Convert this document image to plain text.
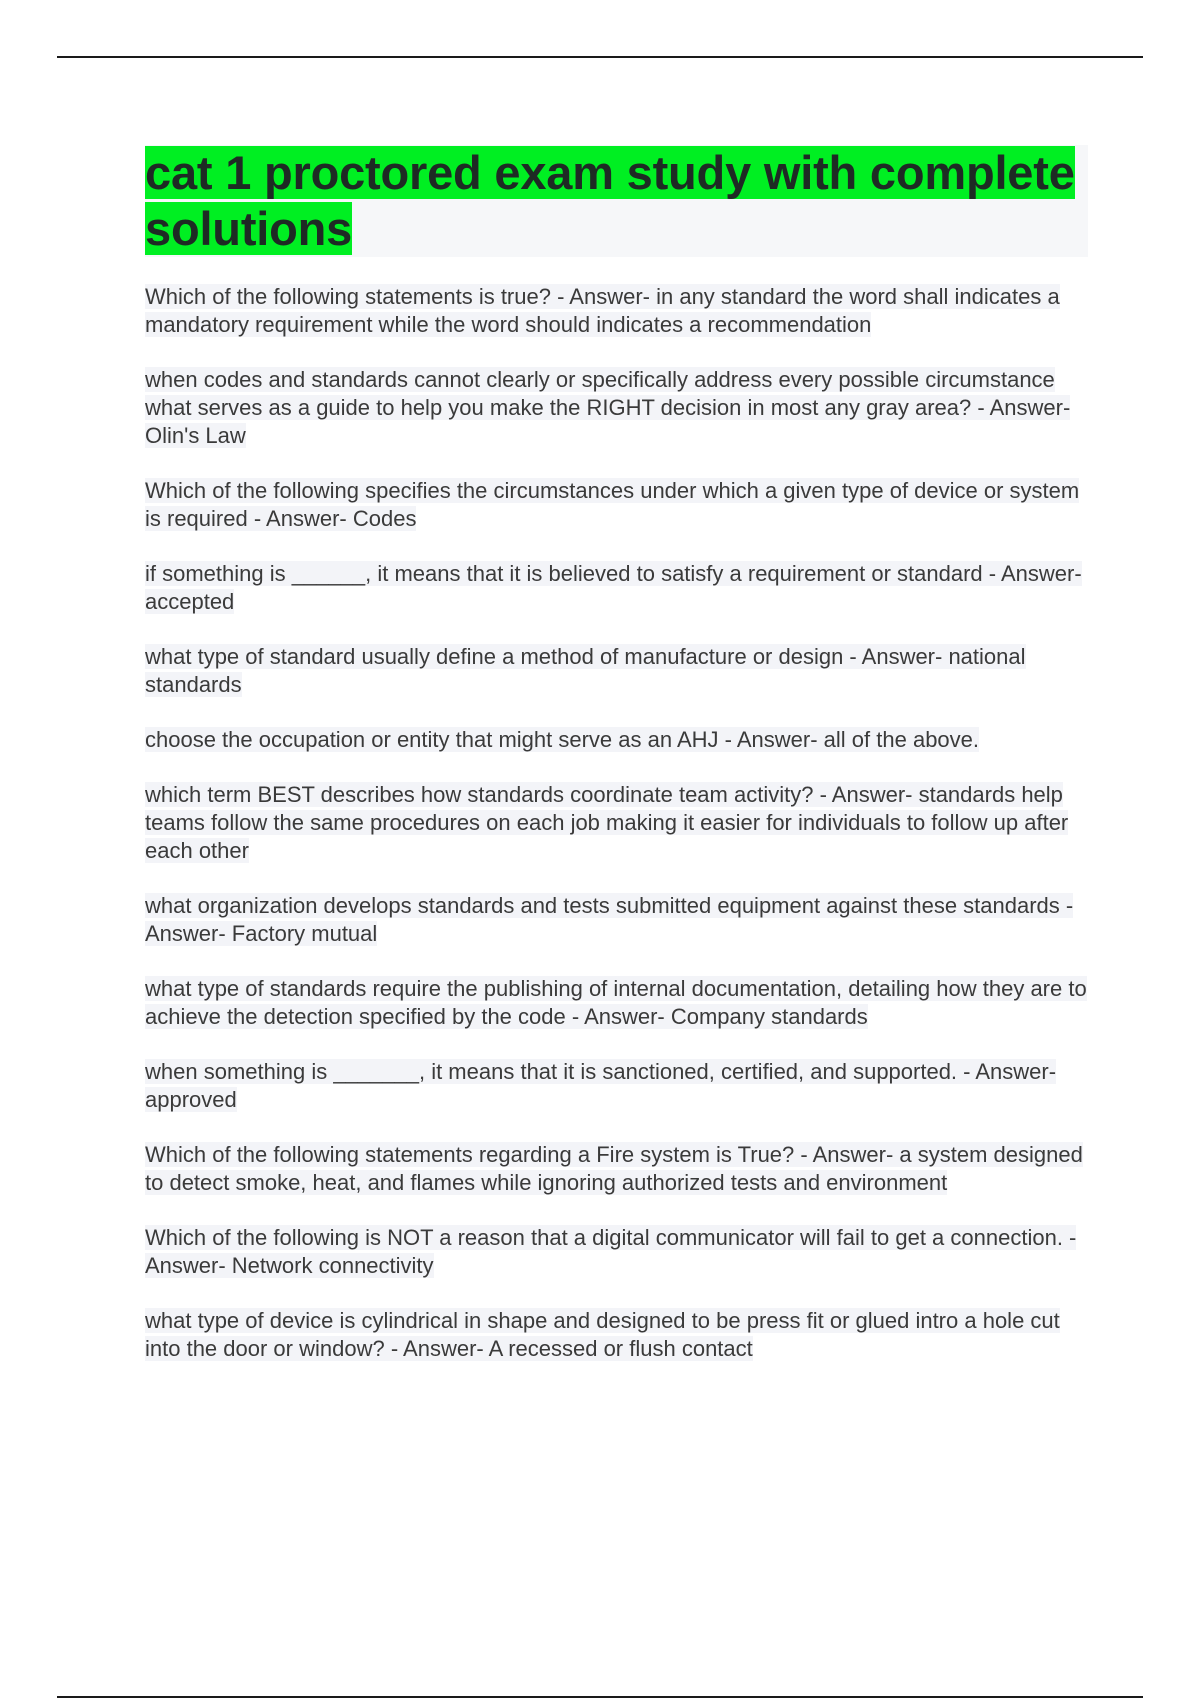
cat 1 proctored exam study with complete solutions
Which of the following statements is true? - Answer- in any standard the word shall indicates a mandatory requirement while the word should indicates a recommendation
when codes and standards cannot clearly or specifically address every possible circumstance what serves as a guide to help you make the RIGHT decision in most any gray area? - Answer- Olin's Law
Which of the following specifies the circumstances under which a given type of device or system is required - Answer- Codes
if something is ______, it means that it is believed to satisfy a requirement or standard - Answer- accepted
what type of standard usually define a method of manufacture or design - Answer- national standards
choose the occupation or entity that might serve as an AHJ - Answer- all of the above.
which term BEST describes how standards coordinate team activity? - Answer- standards help teams follow the same procedures on each job making it easier for individuals to follow up after each other
what organization develops standards and tests submitted equipment against these standards - Answer- Factory mutual
what type of standards require the publishing of internal documentation, detailing how they are to achieve the detection specified by the code - Answer- Company standards
when something is _______, it means that it is sanctioned, certified, and supported. - Answer- approved
Which of the following statements regarding a Fire system is True? - Answer- a system designed to detect smoke, heat, and flames while ignoring authorized tests and environment
Which of the following is NOT a reason that a digital communicator will fail to get a connection. - Answer- Network connectivity
what type of device is cylindrical in shape and designed to be press fit or glued intro a hole cut into the door or window? - Answer- A recessed or flush contact
